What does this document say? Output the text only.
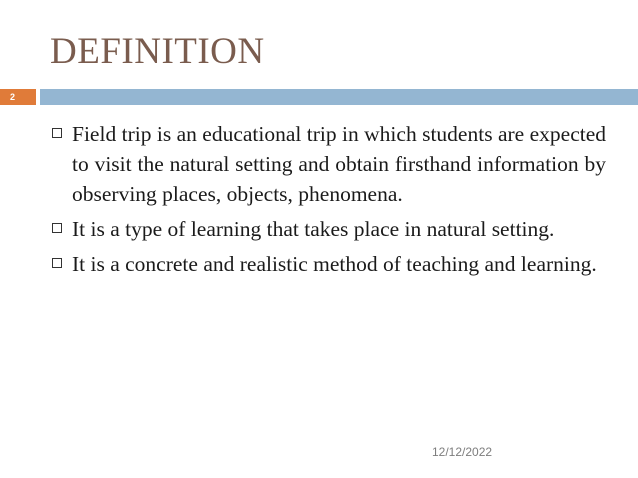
DEFINITION
2
Field trip is an educational trip in which students are expected to visit the natural setting and obtain firsthand information by observing places, objects, phenomena.
It is a type of learning that takes place in natural setting.
It is a concrete and realistic method of teaching and learning.
12/12/2022
